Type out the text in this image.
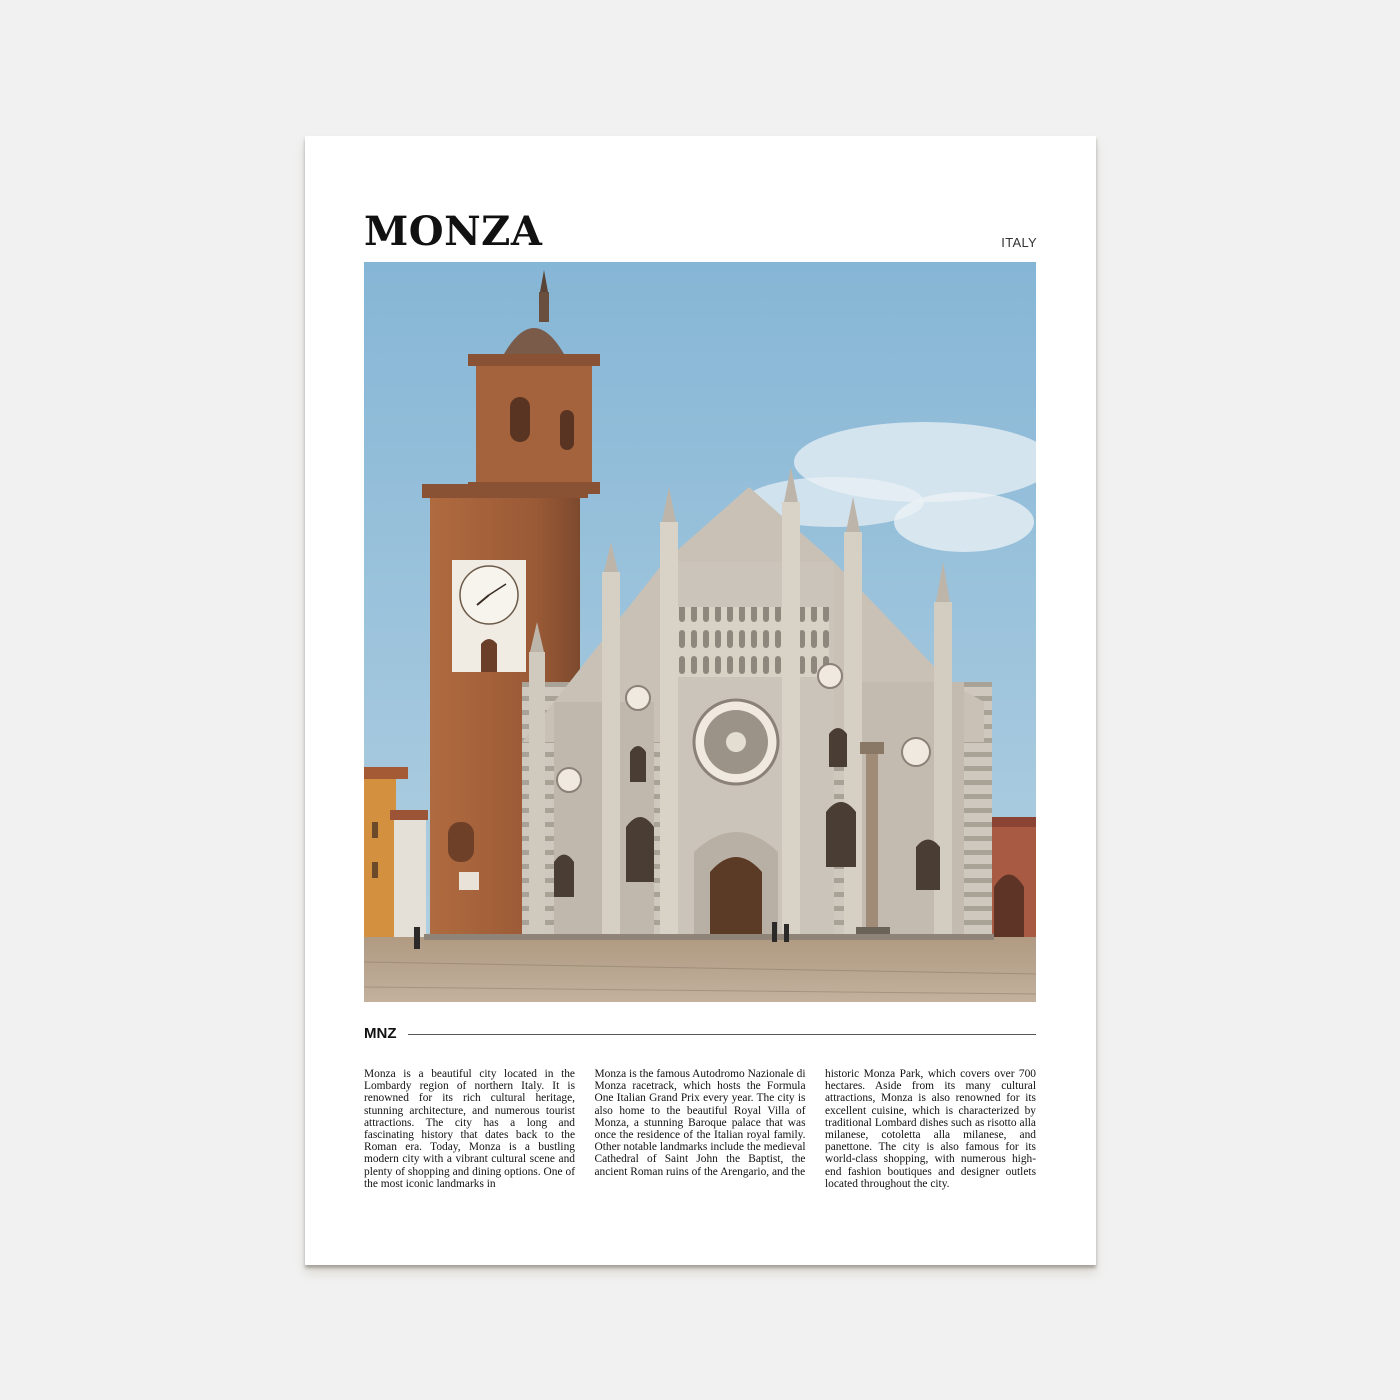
MONZA	ITALY
MNZ

Monza is a beautiful city located in the Lombardy region of northern Italy. It is renowned for its rich cultural heritage, stunning architecture, and numerous tourist attractions. The city has a long and fascinating history that dates back to the Roman era. Today, Monza is a bustling modern city with a vibrant cultural scene and plenty of shopping and dining options. One of the most iconic landmarks in

Monza is the famous Autodromo Nazionale di Monza racetrack, which hosts the Formula One Italian Grand Prix every year. The city is also home to the beautiful Royal Villa of Monza, a stunning Baroque palace that was once the residence of the Italian royal family. Other notable landmarks include the medieval Cathedral of Saint John the Baptist, the ancient Roman ruins of the Arengario, and the

historic Monza Park, which covers over 700 hectares. Aside from its many cultural attractions, Monza is also renowned for its excellent cuisine, which is characterized by traditional Lombard dishes such as risotto alla milanese, cotoletta alla milanese, and panettone. The city is also famous for its world-class shopping, with numerous high-end fashion boutiques and designer outlets located throughout the city.
